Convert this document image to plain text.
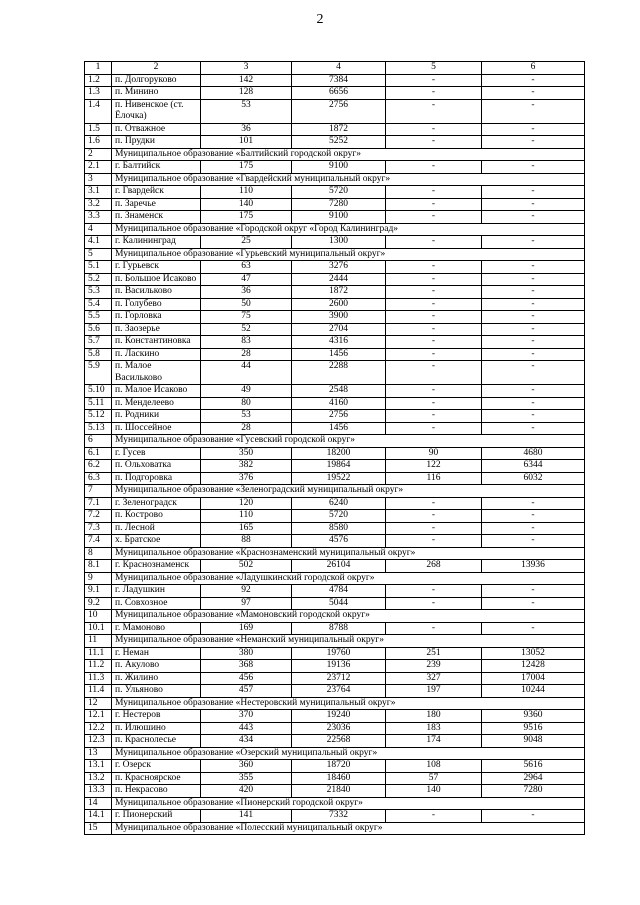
2
1	2	3	4	5	6
1.2	п. Долгоруково	142	7384	-	-
1.3	п. Минино	128	6656	-	-
1.4	п. Нивенское (ст. Ёлочка)	53	2756	-	-
1.5	п. Отважное	36	1872	-	-
1.6	п. Прудки	101	5252	-	-
2	Муниципальное образование «Балтийский городской округ»				
2.1	г. Балтийск	175	9100	-	-
3	Муниципальное образование «Гвардейский муниципальный округ»				
3.1	г. Гвардейск	110	5720	-	-
3.2	п. Заречье	140	7280	-	-
3.3	п. Знаменск	175	9100	-	-
4	Муниципальное образование «Городской округ «Город Калининград»				
4.1	г. Калининград	25	1300	-	-
5	Муниципальное образование «Гурьевский муниципальный округ»				
5.1	г. Гурьевск	63	3276	-	-
5.2	п. Большое Исаково	47	2444	-	-
5.3	п. Васильково	36	1872	-	-
5.4	п. Голубево	50	2600	-	-
5.5	п. Горловка	75	3900	-	-
5.6	п. Заозерье	52	2704	-	-
5.7	п. Константиновка	83	4316	-	-
5.8	п. Ласкино	28	1456	-	-
5.9	п. Малое Васильково	44	2288	-	-
5.10	п. Малое Исаково	49	2548	-	-
5.11	п. Менделеево	80	4160	-	-
5.12	п. Родники	53	2756	-	-
5.13	п. Шоссейное	28	1456	-	-
6	Муниципальное образование «Гусевский городской округ»				
6.1	г. Гусев	350	18200	90	4680
6.2	п. Ольховатка	382	19864	122	6344
6.3	п. Подгоровка	376	19522	116	6032
7	Муниципальное образование «Зеленоградский муниципальный округ»				
7.1	г. Зеленоградск	120	6240	-	-
7.2	п. Кострово	110	5720	-	-
7.3	п. Лесной	165	8580	-	-
7.4	х. Братское	88	4576	-	-
8	Муниципальное образование «Краснознаменский муниципальный округ»				
8.1	г. Краснознаменск	502	26104	268	13936
9	Муниципальное образование «Ладушкинский городской округ»				
9.1	г. Ладушкин	92	4784	-	-
9.2	п. Совхозное	97	5044	-	-
10	Муниципальное образование «Мамоновский городской округ»				
10.1	г. Мамоново	169	8788	-	-
11	Муниципальное образование «Неманский муниципальный округ»				
11.1	г. Неман	380	19760	251	13052
11.2	п. Акулово	368	19136	239	12428
11.3	п. Жилино	456	23712	327	17004
11.4	п. Ульяново	457	23764	197	10244
12	Муниципальное образование «Нестеровский муниципальный округ»				
12.1	г. Нестеров	370	19240	180	9360
12.2	п. Илюшино	443	23036	183	9516
12.3	п. Краснолесье	434	22568	174	9048
13	Муниципальное образование «Озерский муниципальный округ»				
13.1	г. Озерск	360	18720	108	5616
13.2	п. Красноярское	355	18460	57	2964
13.3	п. Некрасово	420	21840	140	7280
14	Муниципальное образование «Пионерский городской округ»				
14.1	г. Пионерский	141	7332	-	-
15	Муниципальное образование «Полесский муниципальный округ»				
